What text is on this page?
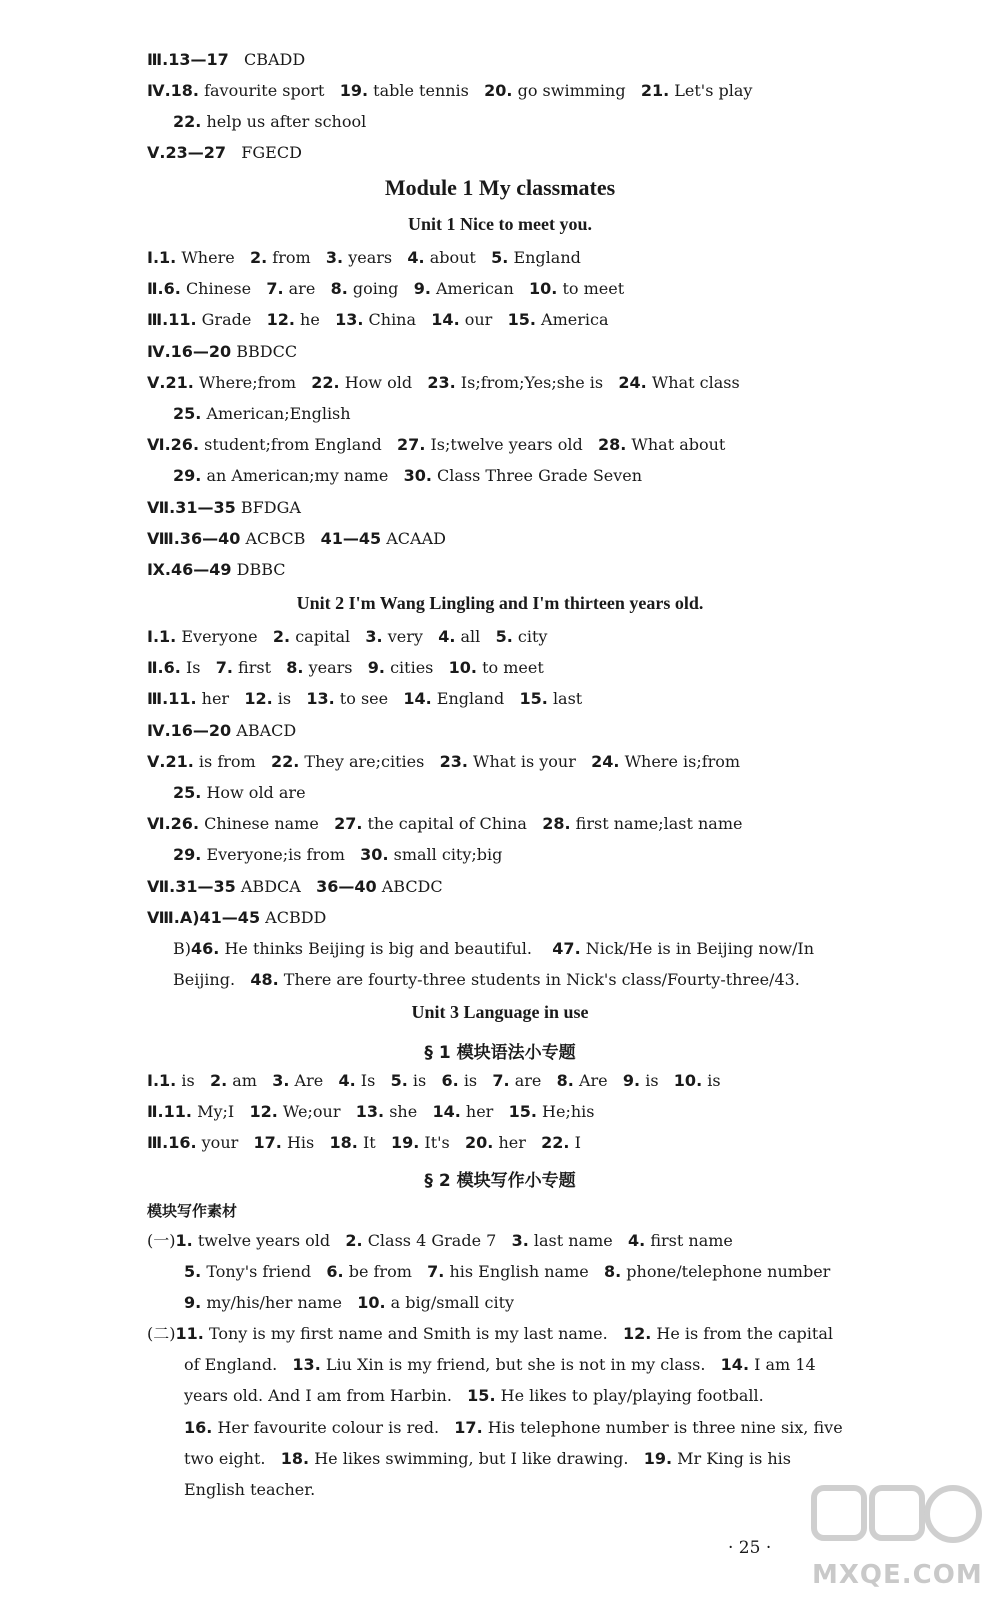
Ⅲ.13—17 CBADD
Ⅳ.18. favourite sport 19. table tennis 20. go swimming 21. Let's play
22. help us after school
Ⅴ.23—27 FGECD
Module 1 My classmates
Unit 1 Nice to meet you.
Ⅰ.1. Where 2. from 3. years 4. about 5. England
Ⅱ.6. Chinese 7. are 8. going 9. American 10. to meet
Ⅲ.11. Grade 12. he 13. China 14. our 15. America
Ⅳ.16—20 BBDCC
Ⅴ.21. Where;from 22. How old 23. Is;from;Yes;she is 24. What class
25. American;English
Ⅵ.26. student;from England 27. Is;twelve years old 28. What about
29. an American;my name 30. Class Three Grade Seven
Ⅶ.31—35 BFDGA
Ⅷ.36—40 ACBCB 41—45 ACAAD
Ⅸ.46—49 DBBC
Unit 2 I'm Wang Lingling and I'm thirteen years old.
Ⅰ.1. Everyone 2. capital 3. very 4. all 5. city
Ⅱ.6. Is 7. first 8. years 9. cities 10. to meet
Ⅲ.11. her 12. is 13. to see 14. England 15. last
Ⅳ.16—20 ABACD
Ⅴ.21. is from 22. They are;cities 23. What is your 24. Where is;from
25. How old are
Ⅵ.26. Chinese name 27. the capital of China 28. first name;last name
29. Everyone;is from 30. small city;big
Ⅶ.31—35 ABDCA 36—40 ABCDC
Ⅷ.A)41—45 ACBDD
B)46. He thinks Beijing is big and beautiful. 47. Nick/He is in Beijing now/In
Beijing. 48. There are fourty-three students in Nick's class/Fourty-three/43.
Unit 3 Language in use
§ 1 模块语法小专题
Ⅰ.1. is 2. am 3. Are 4. Is 5. is 6. is 7. are 8. Are 9. is 10. is
Ⅱ.11. My;I 12. We;our 13. she 14. her 15. He;his
Ⅲ.16. your 17. His 18. It 19. It's 20. her 22. I
§ 2 模块写作小专题
模块写作素材
(一)1. twelve years old 2. Class 4 Grade 7 3. last name 4. first name
5. Tony's friend 6. be from 7. his English name 8. phone/telephone number
9. my/his/her name 10. a big/small city
(二)11. Tony is my first name and Smith is my last name. 12. He is from the capital
of England. 13. Liu Xin is my friend, but she is not in my class. 14. I am 14
years old. And I am from Harbin. 15. He likes to play/playing football.
16. Her favourite colour is red. 17. His telephone number is three nine six, five
two eight. 18. He likes swimming, but I like drawing. 19. Mr King is his
English teacher.
· 25 ·
MXQE.COM
